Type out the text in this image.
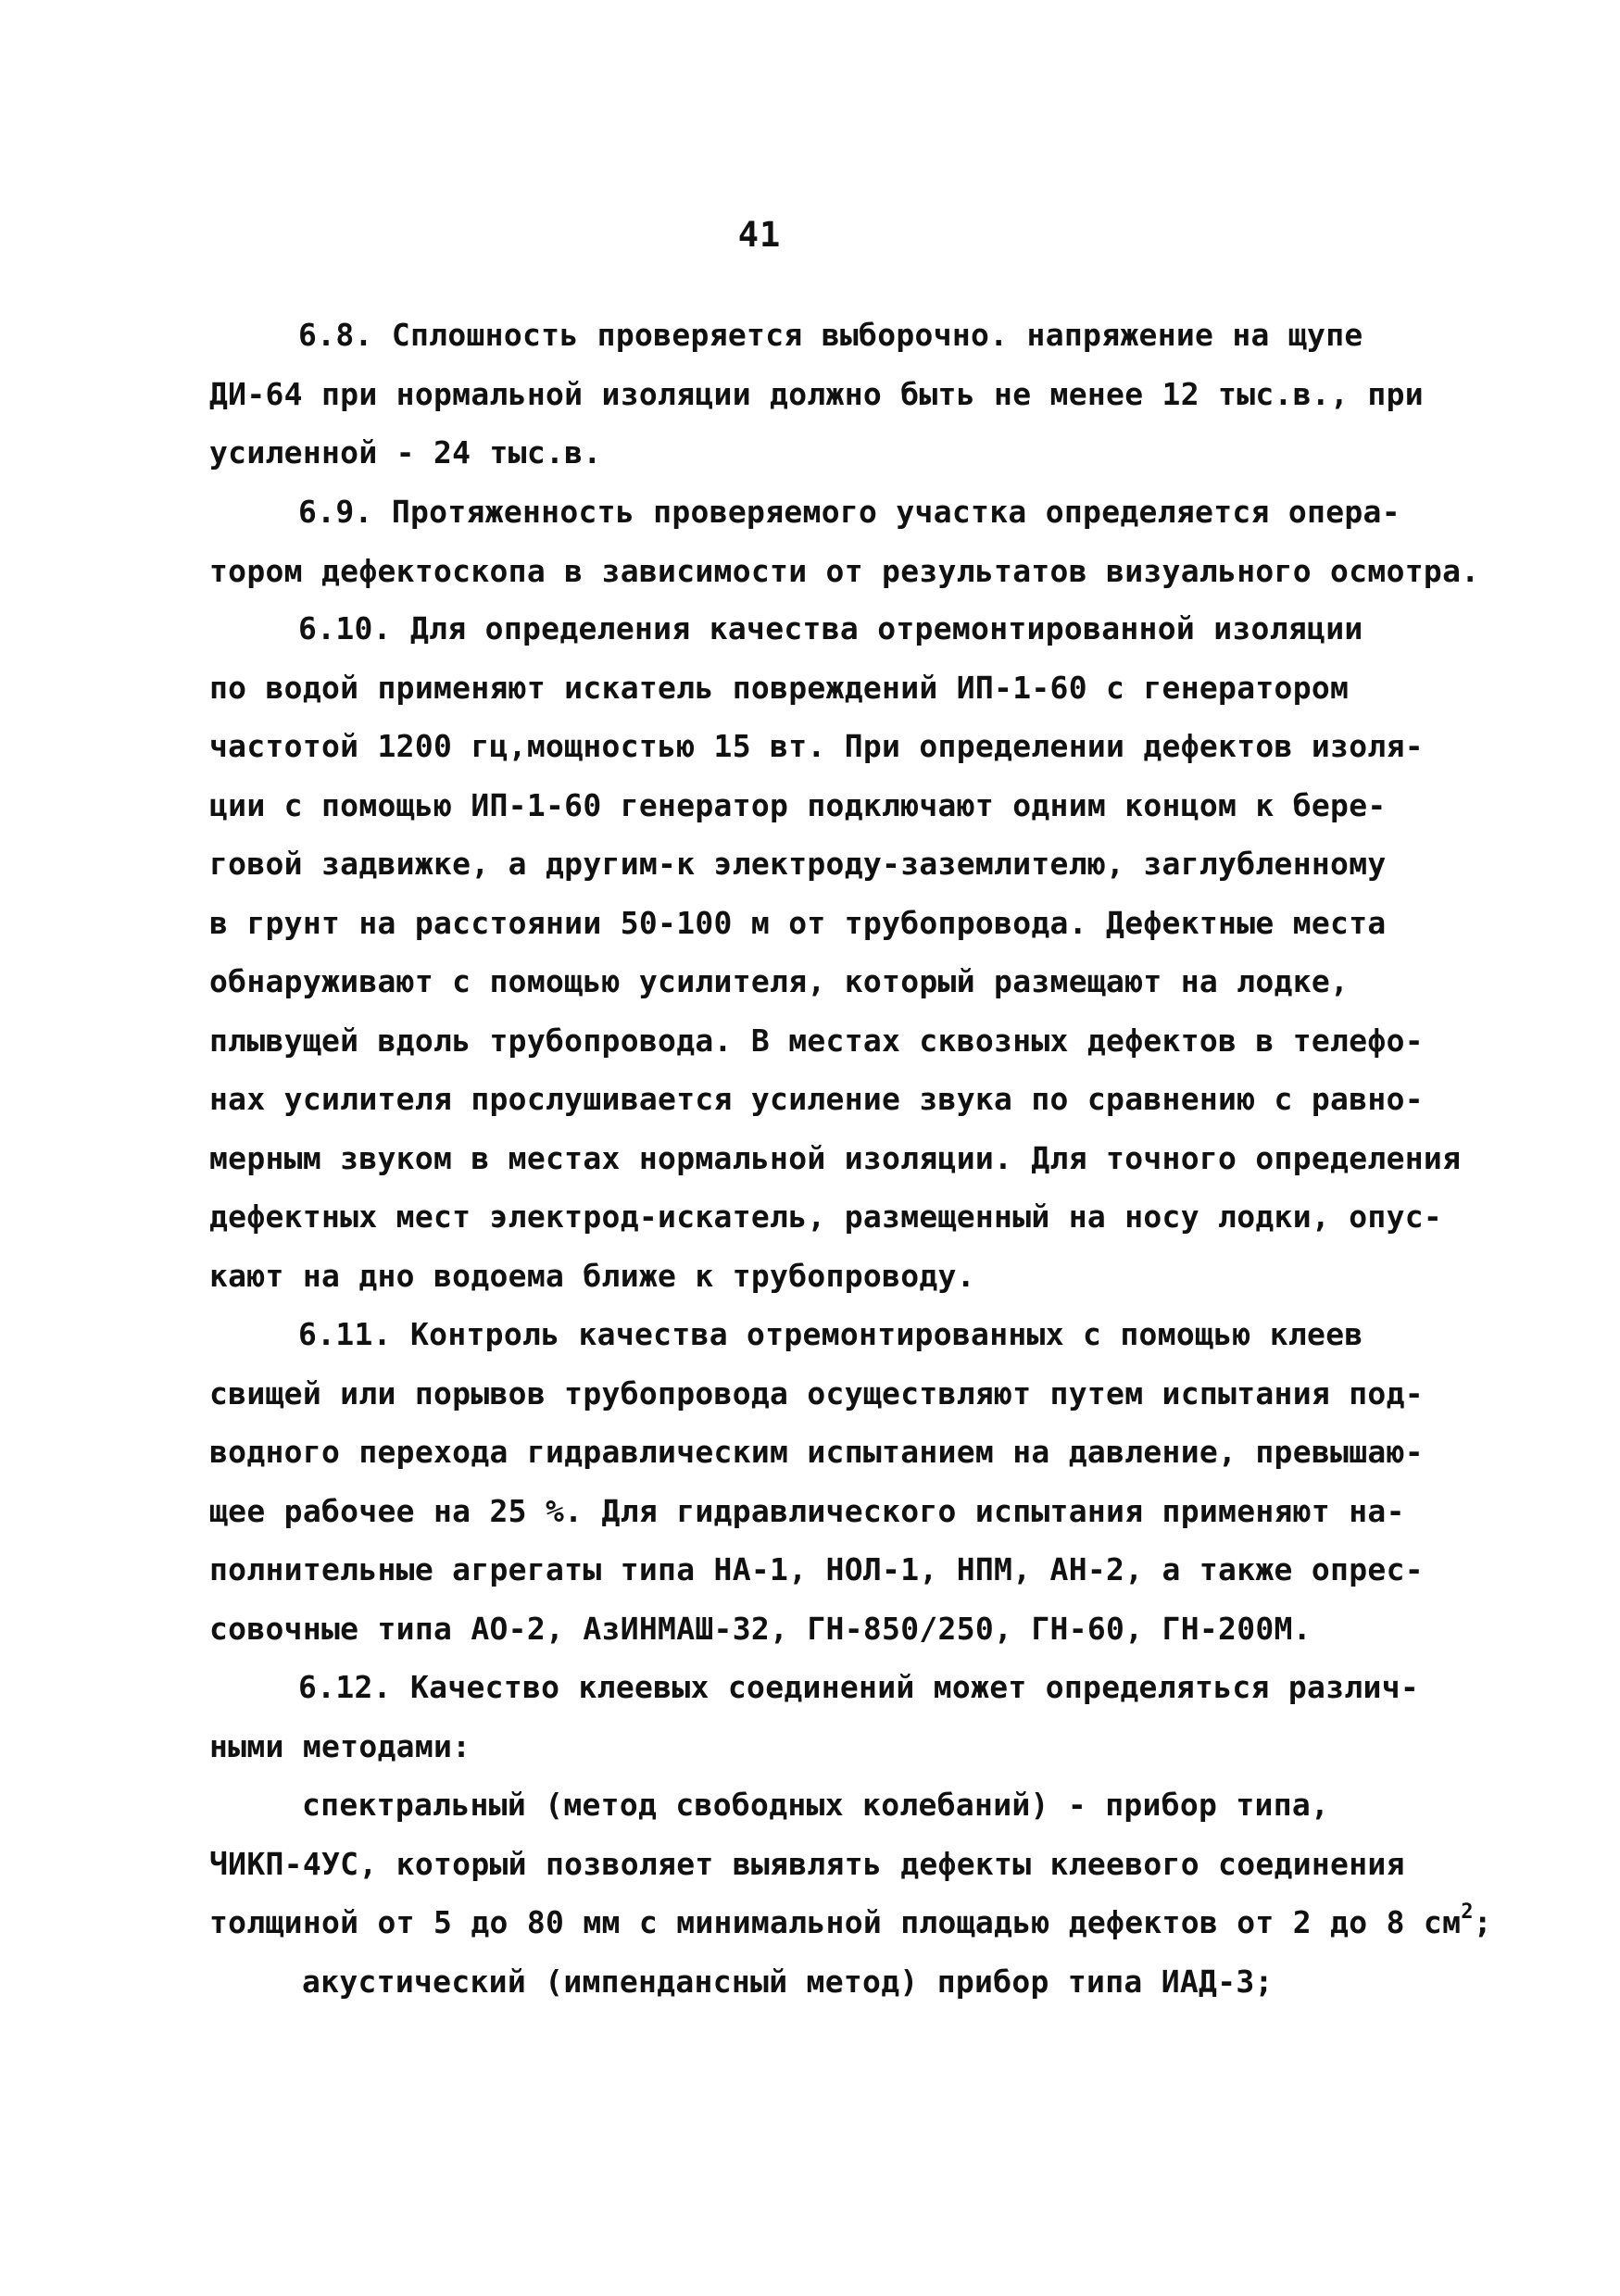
41
6.8. Сплошность проверяется выборочно. напряжение на щупе
ДИ-64 при нормальной изоляции должно быть не менее 12 тыс.в., при
усиленной - 24 тыс.в.
6.9. Протяженность проверяемого участка определяется опера-
тором дефектоскопа в зависимости от результатов визуального осмотра.
6.10. Для определения качества отремонтированной изоляции
по водой применяют искатель повреждений ИП-1-60 с генератором
частотой 1200 гц,мощностью 15 вт. При определении дефектов изоля-
ции с помощью ИП-1-60 генератор подключают одним концом к бере-
говой задвижке, а другим-к электроду-заземлителю, заглубленному
в грунт на расстоянии 50-100 м от трубопровода. Дефектные места
обнаруживают с помощью усилителя, который размещают на лодке,
плывущей вдоль трубопровода. В местах сквозных дефектов в телефо-
нах усилителя прослушивается усиление звука по сравнению с равно-
мерным звуком в местах нормальной изоляции. Для точного определения
дефектных мест электрод-искатель, размещенный на носу лодки, опус-
кают на дно водоема ближе к трубопроводу.
6.11. Контроль качества отремонтированных с помощью клеев
свищей или порывов трубопровода осуществляют путем испытания под-
водного перехода гидравлическим испытанием на давление, превышаю-
щее рабочее на 25 %. Для гидравлического испытания применяют на-
полнительные агрегаты типа НА-1, НОЛ-1, НПМ, АН-2, а также опрес-
совочные типа АО-2, АзИНМАШ-32, ГН-850/250, ГН-60, ГН-200М.
6.12. Качество клеевых соединений может определяться различ-
ными методами:
спектральный (метод свободных колебаний) - прибор типа,
ЧИКП-4УС, который позволяет выявлять дефекты клеевого соединения
толщиной от 5 до 80 мм с минимальной площадью дефектов от 2 до 8 $см^2$;
акустический (импендансный метод) прибор типа ИАД-3;
